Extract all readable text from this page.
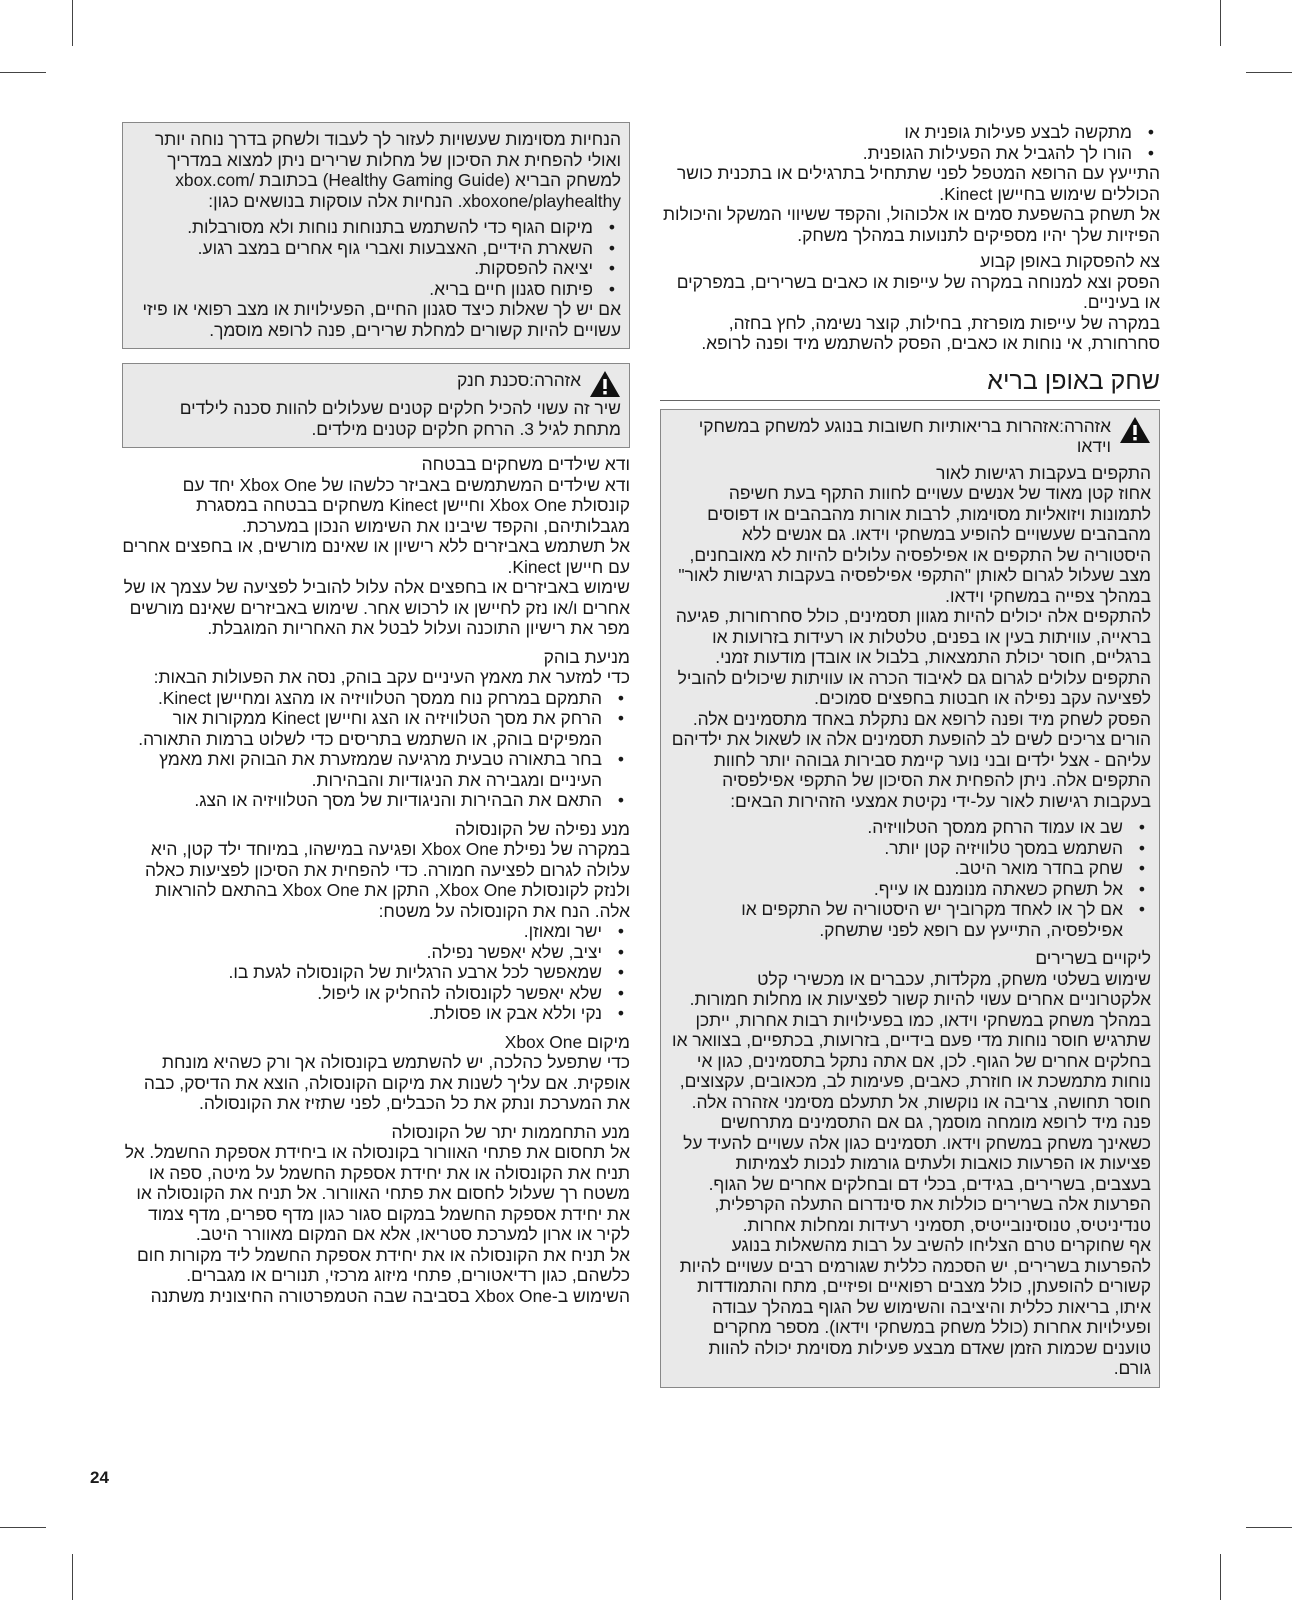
• מתקשה לבצע פעילות גופנית או
• הורו לך להגביל את הפעילות הגופנית.

התייעץ עם הרופא המטפל לפני שתתחיל בתרגילים או בתכנית כושר הכוללים שימוש בחיישן Kinect.

אל תשחק בהשפעת סמים או אלכוהול, והקפד ששיווי המשקל והיכולות הפיזיות שלך יהיו מספיקים לתנועות במהלך משחק.

צא להפסקות באופן קבוע

הפסק וצא למנוחה במקרה של עייפות או כאבים בשרירים, במפרקים או בעיניים.

במקרה של עייפות מופרזת, בחילות, קוצר נשימה, לחץ בחזה, סחרחורת, אי נוחות או כאבים, הפסק להשתמש מיד ופנה לרופא.

שחק באופן בריא

אזהרה:אזהרות בריאותיות חשובות בנוגע למשחק במשחקי וידאו

התקפים בעקבות רגישות לאור

אחוז קטן מאוד של אנשים עשויים לחוות התקף בעת חשיפה לתמונות ויזואליות מסוימות, לרבות אורות מהבהבים או דפוסים מהבהבים שעשויים להופיע במשחקי וידאו. גם אנשים ללא היסטוריה של התקפים או אפילפסיה עלולים להיות לא מאובחנים, מצב שעלול לגרום לאותן "התקפי אפילפסיה בעקבות רגישות לאור" במהלך צפייה במשחקי וידאו.

להתקפים אלה יכולים להיות מגוון תסמינים, כולל סחרחורות, פגיעה בראייה, עוויתות בעין או בפנים, טלטלות או רעידות בזרועות או ברגליים, חוסר יכולת התמצאות, בלבול או אובדן מודעות זמני. התקפים עלולים לגרום גם לאיבוד הכרה או עוויתות שיכולים להוביל לפציעה עקב נפילה או חבטות בחפצים סמוכים.

הפסק לשחק מיד ופנה לרופא אם נתקלת באחד מתסמינים אלה. הורים צריכים לשים לב להופעת תסמינים אלה או לשאול את ילדיהם עליהם - אצל ילדים ובני נוער קיימת סבירות גבוהה יותר לחוות התקפים אלה. ניתן להפחית את הסיכון של התקפי אפילפסיה בעקבות רגישות לאור על-ידי נקיטת אמצעי הזהירות הבאים:

• שב או עמוד הרחק ממסך הטלוויזיה.
• השתמש במסך טלוויזיה קטן יותר.
• שחק בחדר מואר היטב.
• אל תשחק כשאתה מנומנם או עייף.
• אם לך או לאחד מקרוביך יש היסטוריה של התקפים או אפילפסיה, התייעץ עם רופא לפני שתשחק.

ליקויים בשרירים

שימוש בשלטי משחק, מקלדות, עכברים או מכשירי קלט אלקטרוניים אחרים עשוי להיות קשור לפציעות או מחלות חמורות. במהלך משחק במשחקי וידאו, כמו בפעילויות רבות אחרות, ייתכן שתרגיש חוסר נוחות מדי פעם בידיים, בזרועות, בכתפיים, בצוואר או בחלקים אחרים של הגוף. לכן, אם אתה נתקל בתסמינים, כגון אי נוחות מתמשכת או חוזרת, כאבים, פעימות לב, מכאובים, עקצוצים, חוסר תחושה, צריבה או נוקשות, אל תתעלם מסימני אזהרה אלה. פנה מיד לרופא מומחה מוסמך, גם אם התסמינים מתרחשים כשאינך משחק במשחק וידאו. תסמינים כגון אלה עשויים להעיד על פציעות או הפרעות כואבות ולעתים גורמות לנכות לצמיתות בעצבים, בשרירים, בגידים, בכלי דם ובחלקים אחרים של הגוף. הפרעות אלה בשרירים כוללות את סינדרום התעלה הקרפלית, טנדיניטיס, טנוסינובייטיס, תסמיני רעידות ומחלות אחרות.

אף שחוקרים טרם הצליחו להשיב על רבות מהשאלות בנוגע להפרעות בשרירים, יש הסכמה כללית שגורמים רבים עשויים להיות קשורים להופעתן, כולל מצבים רפואיים ופיזיים, מתח והתמודדות איתו, בריאות כללית והיציבה והשימוש של הגוף במהלך עבודה ופעילויות אחרות (כולל משחק במשחקי וידאו). מספר מחקרים טוענים שכמות הזמן שאדם מבצע פעילות מסוימת יכולה להוות גורם.

הנחיות מסוימות שעשויות לעזור לך לעבוד ולשחק בדרך נוחה יותר ואולי להפחית את הסיכון של מחלות שרירים ניתן למצוא במדריך למשחק הבריא (Healthy Gaming Guide) בכתובת /xbox.com xboxone/playhealthy. הנחיות אלה עוסקות בנושאים כגון:

• מיקום הגוף כדי להשתמש בתנוחות נוחות ולא מסורבלות.
• השארת הידיים, האצבעות ואברי גוף אחרים במצב רגוע.
• יציאה להפסקות.
• פיתוח סגנון חיים בריא.

אם יש לך שאלות כיצד סגנון החיים, הפעילויות או מצב רפואי או פיזי עשויים להיות קשורים למחלת שרירים, פנה לרופא מוסמך.

אזהרה:סכנת חנק

שיר זה עשוי להכיל חלקים קטנים שעלולים להוות סכנה לילדים מתחת לגיל 3. הרחק חלקים קטנים מילדים.

ודא שילדים משחקים בבטחה

ודא שילדים המשתמשים באביזר כלשהו של Xbox One יחד עם קונסולת Xbox One וחיישן Kinect משחקים בבטחה במסגרת מגבלותיהם, והקפד שיבינו את השימוש הנכון במערכת.

אל תשתמש באביזרים ללא רישיון או שאינם מורשים, או בחפצים אחרים עם חיישן Kinect.

שימוש באביזרים או בחפצים אלה עלול להוביל לפציעה של עצמך או של אחרים ו/או נזק לחיישן או לרכוש אחר. שימוש באביזרים שאינם מורשים מפר את רישיון התוכנה ועלול לבטל את האחריות המוגבלת.

מניעת בוהק

כדי למזער את מאמץ העיניים עקב בוהק, נסה את הפעולות הבאות:

• התמקם במרחק נוח ממסך הטלוויזיה או מהצג ומחיישן Kinect.
• הרחק את מסך הטלוויזיה או הצג וחיישן Kinect ממקורות אור המפיקים בוהק, או השתמש בתריסים כדי לשלוט ברמות התאורה.
• בחר בתאורה טבעית מרגיעה שממזערת את הבוהק ואת מאמץ העיניים ומגבירה את הניגודיות והבהירות.
• התאם את הבהירות והניגודיות של מסך הטלוויזיה או הצג.

מנע נפילה של הקונסולה

במקרה של נפילת Xbox One ופגיעה במישהו, במיוחד ילד קטן, היא עלולה לגרום לפציעה חמורה. כדי להפחית את הסיכון לפציעות כאלה ולנזק לקונסולת Xbox One, התקן את Xbox One בהתאם להוראות אלה. הנח את הקונסולה על משטח:

• ישר ומאוזן.
• יציב, שלא יאפשר נפילה.
• שמאפשר לכל ארבע הרגליות של הקונסולה לגעת בו.
• שלא יאפשר לקונסולה להחליק או ליפול.
• נקי וללא אבק או פסולת.

מיקום Xbox One

כדי שתפעל כהלכה, יש להשתמש בקונסולה אך ורק כשהיא מונחת אופקית. אם עליך לשנות את מיקום הקונסולה, הוצא את הדיסק, כבה את המערכת ונתק את כל הכבלים, לפני שתזיז את הקונסולה.

מנע התחממות יתר של הקונסולה

אל תחסום את פתחי האוורור בקונסולה או ביחידת אספקת החשמל. אל תניח את הקונסולה או את יחידת אספקת החשמל על מיטה, ספה או משטח רך שעלול לחסום את פתחי האוורור. אל תניח את הקונסולה או את יחידת אספקת החשמל במקום סגור כגון מדף ספרים, מדף צמוד לקיר או ארון למערכת סטריאו, אלא אם המקום מאוורר היטב.

אל תניח את הקונסולה או את יחידת אספקת החשמל ליד מקורות חום כלשהם, כגון רדיאטורים, פתחי מיזוג מרכזי, תנורים או מגברים.

השימוש ב-Xbox One בסביבה שבה הטמפרטורה החיצונית משתנה

24
